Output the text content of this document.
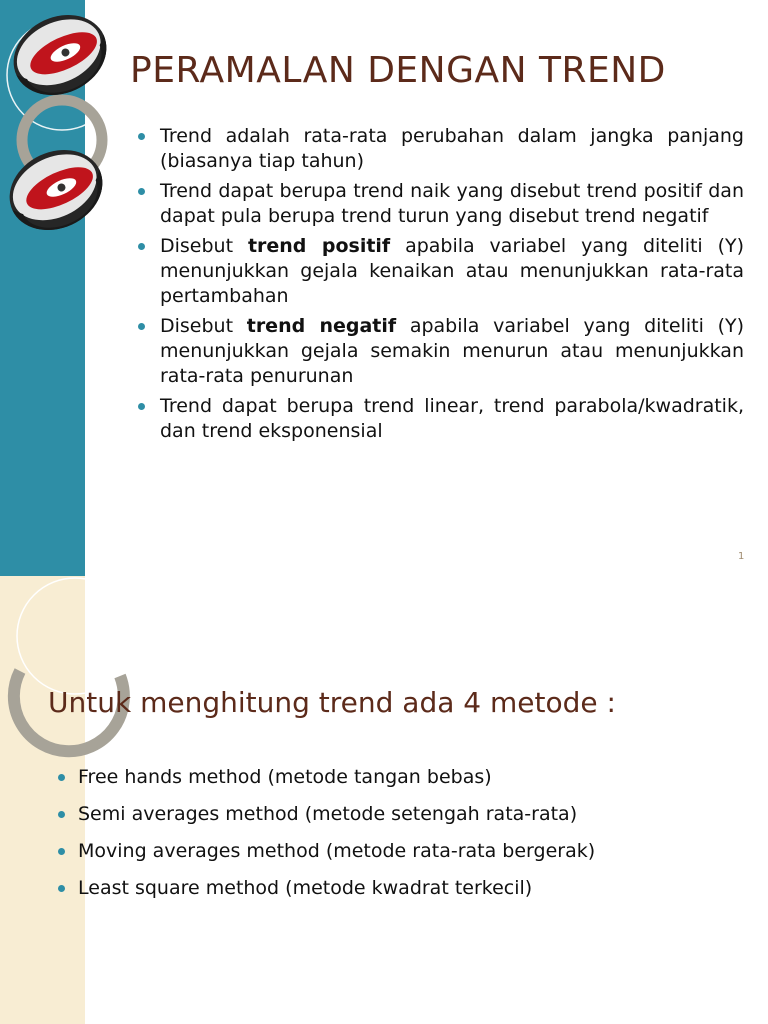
PERAMALAN DENGAN TREND
Trend adalah rata-rata perubahan dalam jangka panjang (biasanya tiap tahun)
Trend dapat berupa trend naik yang disebut trend positif dan dapat pula berupa trend turun yang disebut trend negatif
Disebut trend positif apabila variabel yang diteliti (Y) menunjukkan gejala kenaikan atau menunjukkan rata-rata pertambahan
Disebut trend negatif apabila variabel yang diteliti (Y) menunjukkan gejala semakin menurun atau menunjukkan rata-rata penurunan
Trend dapat berupa trend linear, trend parabola/kwadratik, dan trend eksponensial
1
Untuk menghitung trend ada 4 metode :
Free hands method (metode tangan bebas)
Semi averages method (metode setengah rata-rata)
Moving averages method (metode rata-rata bergerak)
Least square method (metode kwadrat terkecil)
